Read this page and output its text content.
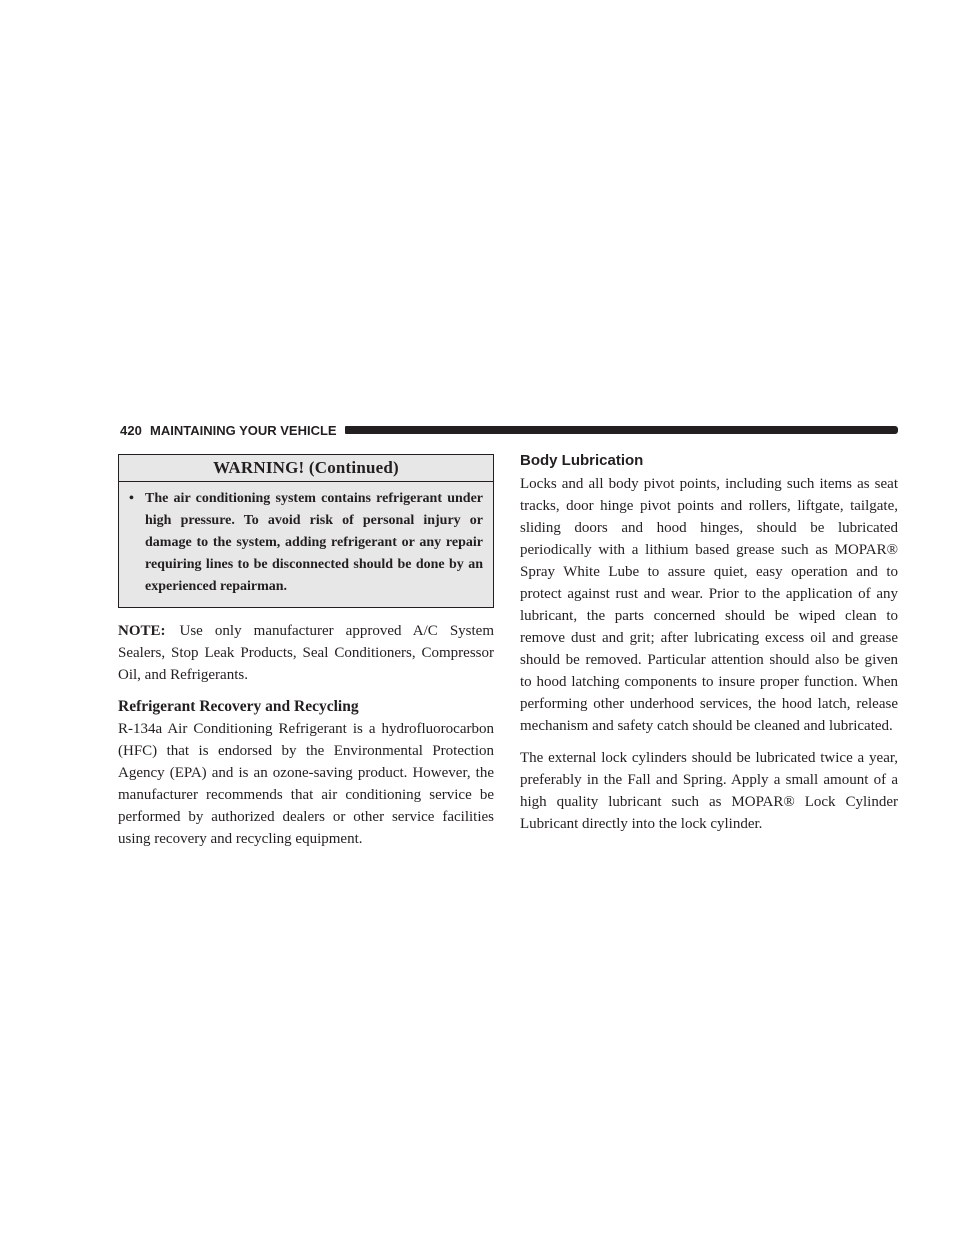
420 MAINTAINING YOUR VEHICLE
WARNING! (Continued)
• The air conditioning system contains refrigerant under high pressure. To avoid risk of personal injury or damage to the system, adding refrigerant or any repair requiring lines to be disconnected should be done by an experienced repairman.

NOTE: Use only manufacturer approved A/C System Sealers, Stop Leak Products, Seal Conditioners, Compressor Oil, and Refrigerants.

Refrigerant Recovery and Recycling

R-134a Air Conditioning Refrigerant is a hydrofluorocarbon (HFC) that is endorsed by the Environmental Protection Agency (EPA) and is an ozone-saving product. However, the manufacturer recommends that air conditioning service be performed by authorized dealers or other service facilities using recovery and recycling equipment.

Body Lubrication

Locks and all body pivot points, including such items as seat tracks, door hinge pivot points and rollers, liftgate, tailgate, sliding doors and hood hinges, should be lubricated periodically with a lithium based grease such as MOPAR® Spray White Lube to assure quiet, easy operation and to protect against rust and wear. Prior to the application of any lubricant, the parts concerned should be wiped clean to remove dust and grit; after lubricating excess oil and grease should be removed. Particular attention should also be given to hood latching components to insure proper function. When performing other underhood services, the hood latch, release mechanism and safety catch should be cleaned and lubricated.

The external lock cylinders should be lubricated twice a year, preferably in the Fall and Spring. Apply a small amount of a high quality lubricant such as MOPAR® Lock Cylinder Lubricant directly into the lock cylinder.
